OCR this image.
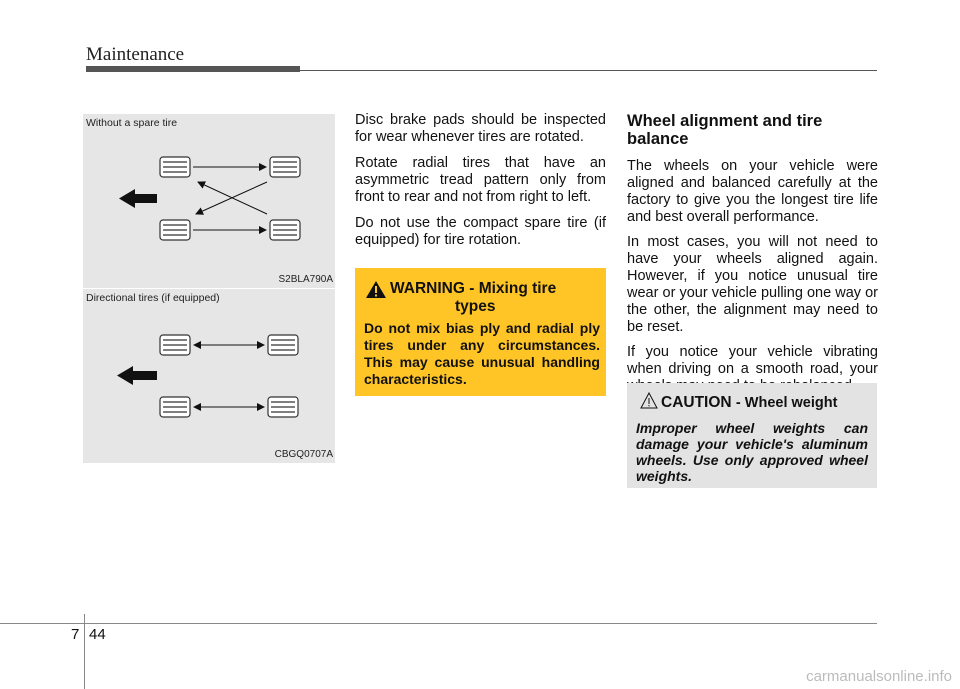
Maintenance
Without a spare tire
S2BLA790A
Directional tires (if equipped)
CBGQ0707A

Disc brake pads should be inspected for wear whenever tires are rotated.

Rotate radial tires that have an asymmetric tread pattern only from front to rear and not from right to left.

Do not use the compact spare tire (if equipped) for tire rotation.

WARNING - Mixing tire
types
Do not mix bias ply and radial ply tires under any circumstances. This may cause unusual handling characteristics.
Wheel alignment and tire balance

The wheels on your vehicle were aligned and balanced carefully at the factory to give you the longest tire life and best overall performance.

In most cases, you will not need to have your wheels aligned again. However, if you notice unusual tire wear or your vehicle pulling one way or the other, the alignment may need to be reset.

If you notice your vehicle vibrating when driving on a smooth road, your

CAUTION - Wheel weight
Improper wheel weights can damage your vehicle's aluminum wheels. Use only approved wheel weights.
7 44
carmanualsonline.info
